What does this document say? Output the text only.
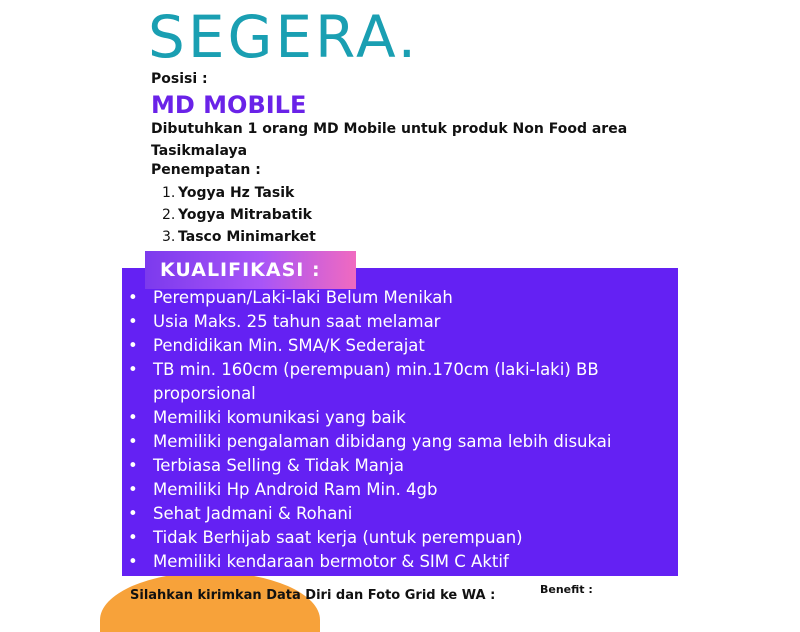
SEGERA.
Posisi :
MD MOBILE
Dibutuhkan 1 orang MD Mobile untuk produk Non Food area Tasikmalaya
Penempatan :
1. Yogya Hz Tasik
2. Yogya Mitrabatik
3. Tasco Minimarket
KUALIFIKASI :
• Perempuan/Laki-laki Belum Menikah
• Usia Maks. 25 tahun saat melamar
• Pendidikan Min. SMA/K Sederajat
• TB min. 160cm (perempuan) min.170cm (laki-laki) BB proporsional
• Memiliki komunikasi yang baik
• Memiliki pengalaman dibidang yang sama lebih disukai
• Terbiasa Selling & Tidak Manja
• Memiliki Hp Android Ram Min. 4gb
• Sehat Jadmani & Rohani
• Tidak Berhijab saat kerja (untuk perempuan)
• Memiliki kendaraan bermotor & SIM C Aktif
Silahkan kirimkan Data Diri dan Foto Grid ke WA :	Benefit :
